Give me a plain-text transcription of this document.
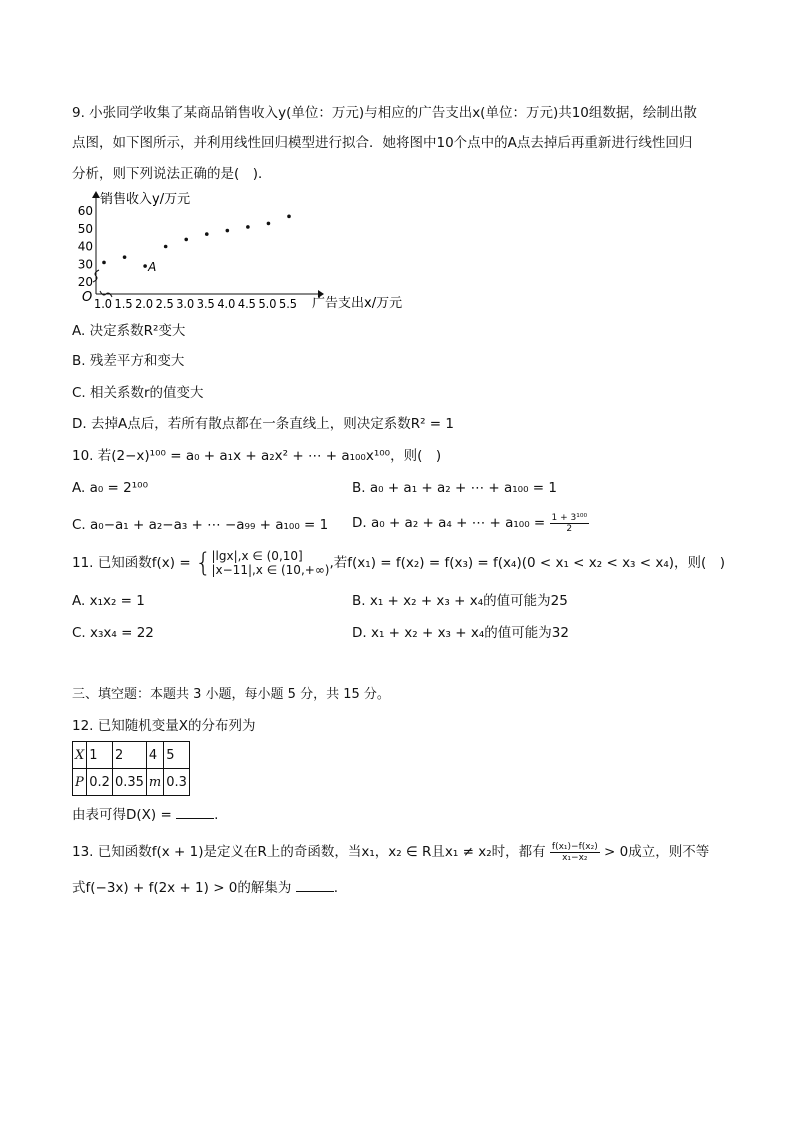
9. 小张同学收集了某商品销售收入y(单位：万元)与相应的广告支出x(单位：万元)共10组数据，绘制出散
点图，如下图所示，并利用线性回归模型进行拟合．她将图中10个点中的A点去掉后再重新进行线性回归
分析，则下列说法正确的是(　)．
60
50
40
30
20
1.0 1.5 2.0 2.5 3.0 3.5 4.0 4.5 5.0 5.5
销售收入y/万元
广告支出x/万元
O
A
A. 决定系数R²变大
B. 残差平方和变大
C. 相关系数r的值变大
D. 去掉A点后，若所有散点都在一条直线上，则决定系数R² = 1
10. 若(2−x)¹⁰⁰ = a₀ + a₁x + a₂x² + ⋯ + a₁₀₀x¹⁰⁰，则(　)
A. a₀ = 2¹⁰⁰	B. a₀ + a₁ + a₂ + ⋯ + a₁₀₀ = 1
C. a₀−a₁ + a₂−a₃ + ⋯ −a₉₉ + a₁₀₀ = 1 D. a₀ + a₂ + a₄ + ⋯ + $a_{100} = \frac{\text{1 + 3¹⁰⁰}}{2}$
11. 已知函数f(x) = { |lgx|,x ∈ (0,10]
|x−11|,x ∈ (10,+∞) ,若f(x₁) = f(x₂) = f(x₃) = f(x₄)(0 < x₁ < x₂ < x₃ < x₄)，则(　)
A. x₁x₂ = 1	B. x₁ + x₂ + x₃ + x₄的值可能为25
C. x₃x₄ = 22	D. x₁ + x₂ + x₃ + x₄的值可能为32
三、填空题：本题共 3 小题，每小题 5 分，共 15 分。
12. 已知随机变量X的分布列为
X	1	2	4	5
P	0.2	0.35	m	0.3
由表可得D(X) =	.
13. 已知函数f(x + 1)是定义在R上的奇函数，当x₁，x₂ ∈ R且x₁ ≠ x₂时，都有 $\frac{\text{f(x₁)−f(x₂)}}{\text{x₁−x₂}} > 0$成立，则不等
式f(−3x) + f(2x + 1) > 0的解集为	.
